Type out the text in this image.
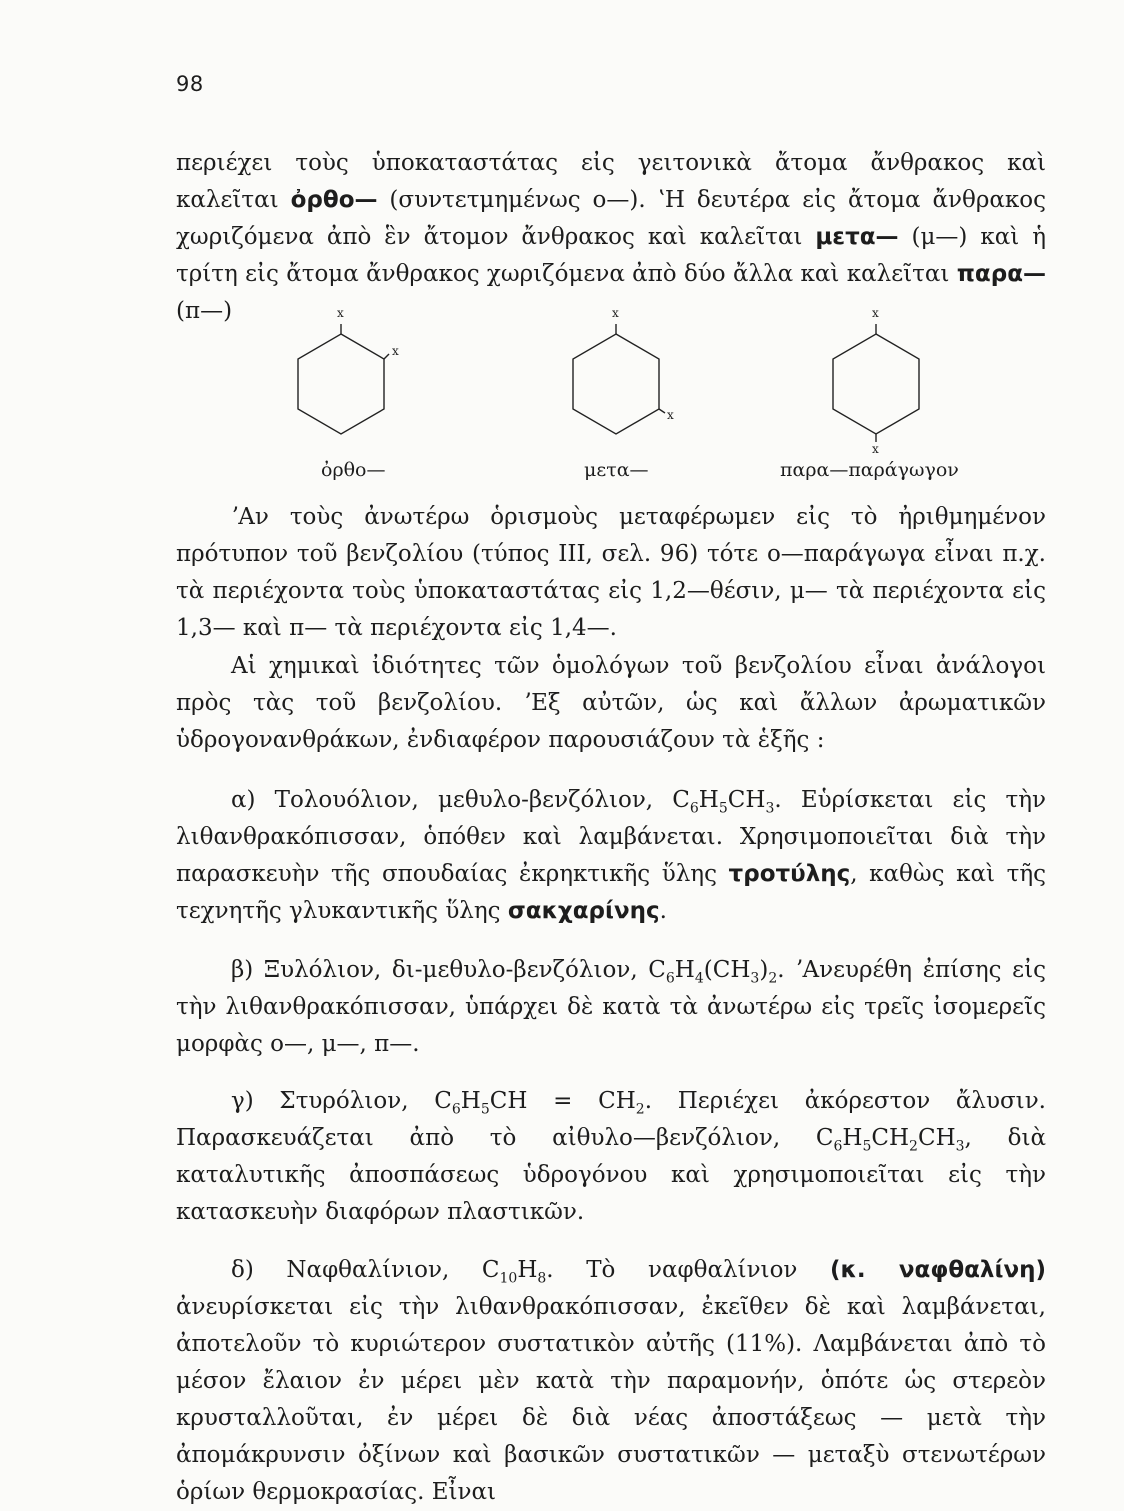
98

περιέχει τοὺς ὑποκαταστάτας εἰς γειτονικὰ ἄτομα ἄνθρακος καὶ καλεῖται ὀρθο— (συντετμημένως ο—). ʽΗ δευτέρα εἰς ἄτομα ἄνθρακος χωριζόμενα ἀπὸ ἓν ἄτομον ἄνθρακος καὶ καλεῖται μετα— (μ—) καὶ ἡ τρίτη εἰς ἄτομα ἄνθρακος χωριζόμενα ἀπὸ δύο ἄλλα καὶ καλεῖται παρα— (π—)	x
x
x
x
x
x
ὀρθο—	μετα—	παρα—παράγωγον

ʼΑν τοὺς ἀνωτέρω ὁρισμοὺς μεταφέρωμεν εἰς τὸ ἠριθμημένον πρότυπον τοῦ βενζολίου (τύπος III, σελ. 96) τότε ο—παράγωγα εἶναι π.χ. τὰ περιέχοντα τοὺς ὑποκαταστάτας εἰς 1,2—θέσιν, μ— τὰ περιέχοντα εἰς 1,3— καὶ π— τὰ περιέχοντα εἰς 1,4—.

Αἱ χημικαὶ ἰδιότητες τῶν ὁμολόγων τοῦ βενζολίου εἶναι ἀνάλογοι πρὸς τὰς τοῦ βενζολίου. ʼΕξ αὐτῶν, ὡς καὶ ἄλλων ἀρωματικῶν ὑδρογονανθράκων, ἐνδιαφέρον παρουσιάζουν τὰ ἑξῆς :

α) Τολουόλιον, μεθυλο-βενζόλιον, $C_6H_5CH_3$. Εὑρίσκεται εἰς τὴν λιθανθρακόπισσαν, ὁπόθεν καὶ λαμβάνεται. Χρησιμοποιεῖται διὰ τὴν παρασκευὴν τῆς σπουδαίας ἐκρηκτικῆς ὕλης τροτύλης, καθὼς καὶ τῆς τεχνητῆς γλυκαντικῆς ὕλης σακχαρίνης.

β) Ξυλόλιον, δι-μεθυλο-βενζόλιον, $C_6H_4(CH_3)_2$. ʼΑνευρέθη ἐπίσης εἰς τὴν λιθανθρακόπισσαν, ὑπάρχει δὲ κατὰ τὰ ἀνωτέρω εἰς τρεῖς ἰσομερεῖς μορφὰς ο—, μ—, π—.

γ) Στυρόλιον, $C_6H_5CH = CH_2$. Περιέχει ἀκόρεστον ἄλυσιν. Παρασκευάζεται ἀπὸ τὸ αἰθυλο—βενζόλιον, $C_6H_5CH_2CH_3$, διὰ καταλυτικῆς ἀποσπάσεως ὑδρογόνου καὶ χρησιμοποιεῖται εἰς τὴν κατασκευὴν διαφόρων πλαστικῶν.

δ) Ναφθαλίνιον, $C_{10}H_8$. Τὸ ναφθαλίνιον (κ. ναφθαλίνη) ἀνευρίσκεται εἰς τὴν λιθανθρακόπισσαν, ἐκεῖθεν δὲ καὶ λαμβάνεται, ἀποτελοῦν τὸ κυριώτερον συστατικὸν αὐτῆς (11%). Λαμβάνεται ἀπὸ τὸ μέσον ἔλαιον ἐν μέρει μὲν κατὰ τὴν παραμονήν, ὁπότε ὡς στερεὸν κρυσταλλοῦται, ἐν μέρει δὲ διὰ νέας ἀποστάξεως — μετὰ τὴν ἀπομάκρυνσιν ὀξίνων καὶ βασικῶν συστατικῶν — μεταξὺ στενωτέρων ὁρίων θερμοκρασίας. Εἶναι
